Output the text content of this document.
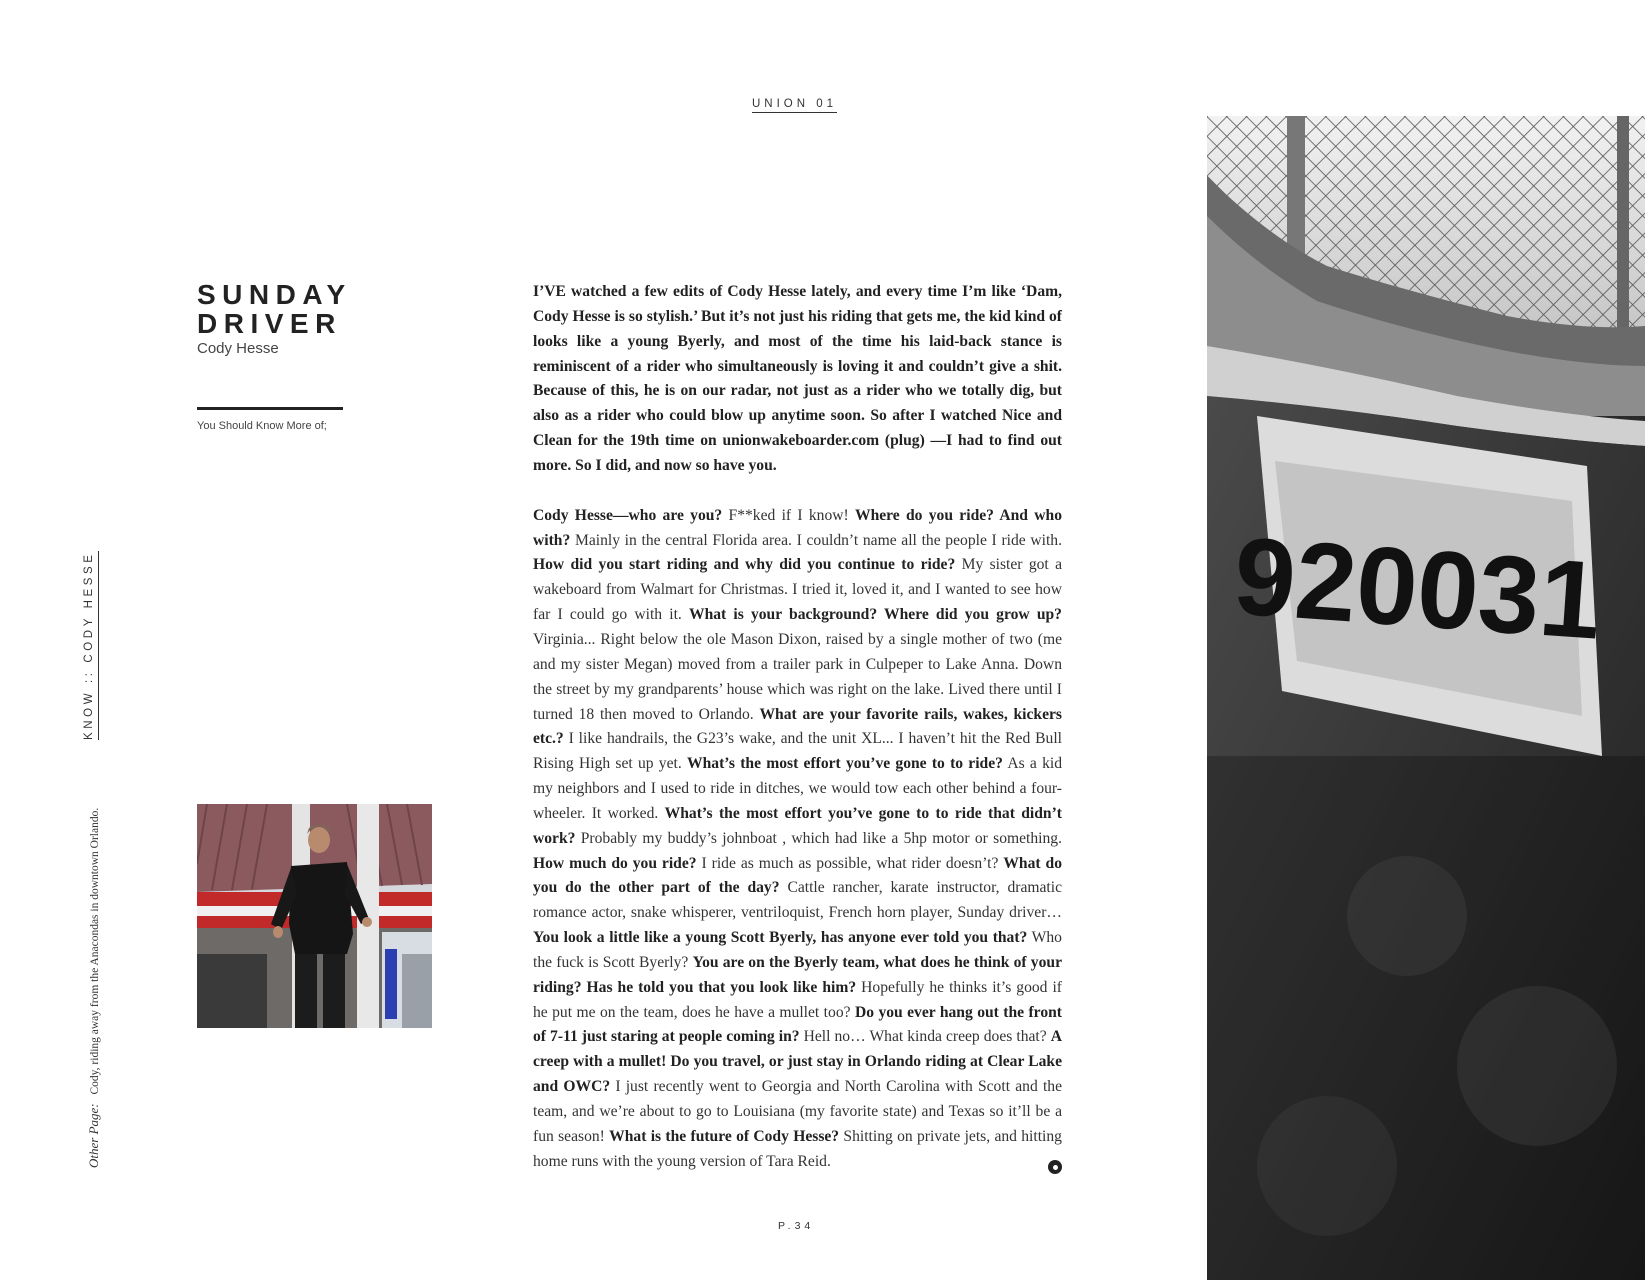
UNION 01
SUNDAY
DRIVER
Cody Hesse
You Should Know More of;
KNOW :: CODY HESSE
Other Page: Cody, riding away from the Anacondas in downtown Orlando.

I’VE watched a few edits of Cody Hesse lately, and every time I’m like ‘Dam, Cody Hesse is so stylish.’ But it’s not just his riding that gets me, the kid kind of looks like a young Byerly, and most of the time his laid-back stance is reminiscent of a rider who simultaneously is loving it and couldn’t give a shit. Because of this, he is on our radar, not just as a rider who we totally dig, but also as a rider who could blow up anytime soon. So after I watched Nice and Clean for the 19th time on unionwakeboarder.com (plug) —I had to find out more. So I did, and now so have you.

Cody Hesse—who are you? F**ked if I know! Where do you ride? And who with? Mainly in the central Florida area. I couldn’t name all the people I ride with. How did you start riding and why did you continue to ride? My sister got a wakeboard from Walmart for Christmas. I tried it, loved it, and I wanted to see how far I could go with it. What is your background? Where did you grow up? Virginia... Right below the ole Mason Dixon, raised by a single mother of two (me and my sister Megan) moved from a trailer park in Culpeper to Lake Anna. Down the street by my grandparents’ house which was right on the lake. Lived there until I turned 18 then moved to Orlando. What are your favorite rails, wakes, kickers etc.? I like handrails, the G23’s wake, and the unit XL... I haven’t hit the Red Bull Rising High set up yet. What’s the most effort you’ve gone to to ride? As a kid my neighbors and I used to ride in ditches, we would tow each other behind a four-wheeler. It worked. What’s the most effort you’ve gone to to ride that didn’t work? Probably my buddy’s johnboat , which had like a 5hp motor or something. How much do you ride? I ride as much as possible, what rider doesn’t? What do you do the other part of the day? Cattle rancher, karate instructor, dramatic romance actor, snake whisperer, ventriloquist, French horn player, Sunday driver… You look a little like a young Scott Byerly, has anyone ever told you that? Who the fuck is Scott Byerly? You are on the Byerly team, what does he think of your riding? Has he told you that you look like him? Hopefully he thinks it’s good if he put me on the team, does he have a mullet too? Do you ever hang out the front of 7-11 just staring at people coming in? Hell no… What kinda creep does that? A creep with a mullet! Do you travel, or just stay in Orlando riding at Clear Lake and OWC? I just recently went to Georgia and North Carolina with Scott and the team, and we’re about to go to Louisiana (my favorite state) and Texas so it’ll be a fun season! What is the future of Cody Hesse? Shitting on private jets, and hitting home runs with the young version of Tara Reid.

P.34
920031
